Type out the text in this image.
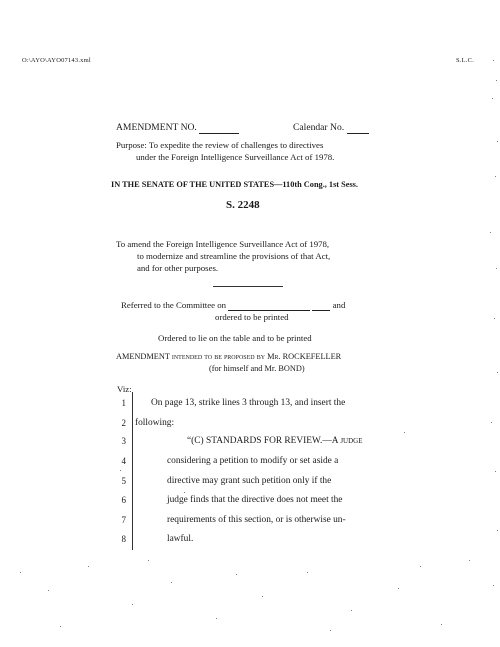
O:\AYO\AYO07143.xml	S.L.C.
AMENDMENT NO.	Calendar No.
Purpose: To expedite the review of challenges to directives
under the Foreign Intelligence Surveillance Act of 1978.
IN THE SENATE OF THE UNITED STATES—110th Cong., 1st Sess.
S. 2248
To amend the Foreign Intelligence Surveillance Act of 1978,
to modernize and streamline the provisions of that Act,
and for other purposes.
Referred to the Committee on	and
ordered to be printed
Ordered to lie on the table and to be printed
AMENDMENT intended to be proposed by Mr. ROCKEFELLER
(for himself and Mr. BOND)
Viz:
1	On page 13, strike lines 3 through 13, and insert the
2 following:
3	“(C) STANDARDS FOR REVIEW.—A judge
4	considering a petition to modify or set aside a
5	directive may grant such petition only if the
6	judge finds that the directive does not meet the
7	requirements of this section, or is otherwise un-
8	lawful.
